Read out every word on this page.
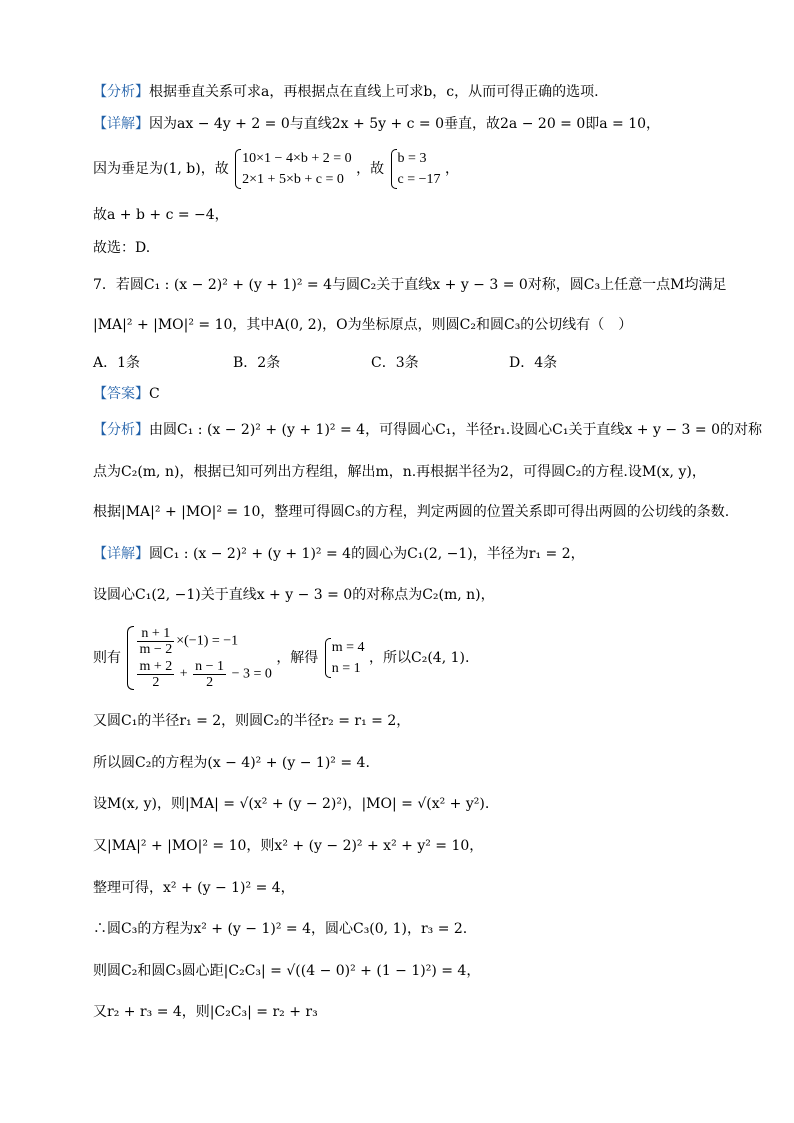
【分析】根据垂直关系可求a，再根据点在直线上可求b，c，从而可得正确的选项.
【详解】因为ax − 4y + 2 = 0与直线2x + 5y + c = 0垂直，故2a − 20 = 0即a = 10，
因为垂足为(1, b)，故
10×1 − 4×b + 2 = 0
2×1 + 5×b + c = 0
，故
b = 3
c = −17
，
故a + b + c = −4，
故选：D.
7．若圆C₁ : (x − 2)² + (y + 1)² = 4与圆C₂关于直线x + y − 3 = 0对称，圆C₃上任意一点M均满足
|MA|² + |MO|² = 10，其中A(0, 2)，O为坐标原点，则圆C₂和圆C₃的公切线有（　）
A．1条	B．2条	C．3条	D．4条
【答案】C
【分析】由圆C₁ : (x − 2)² + (y + 1)² = 4，可得圆心C₁，半径r₁.设圆心C₁关于直线x + y − 3 = 0的对称
点为C₂(m, n)，根据已知可列出方程组，解出m，n.再根据半径为2，可得圆C₂的方程.设M(x, y)，
根据|MA|² + |MO|² = 10，整理可得圆C₃的方程，判定两圆的位置关系即可得出两圆的公切线的条数.
【详解】圆C₁ : (x − 2)² + (y + 1)² = 4的圆心为C₁(2, −1)，半径为r₁ = 2，
设圆心C₁(2, −1)关于直线x + y − 3 = 0的对称点为C₂(m, n)，
则有
$\frac{n + 1}{m - 2} \times(-1) = -1$
$\frac{m + 2}{2} + \frac{n - 1}{2} - 3 = 0$
，解得
m = 4
n = 1
，所以C₂(4, 1).
又圆C₁的半径r₁ = 2，则圆C₂的半径r₂ = r₁ = 2，
所以圆C₂的方程为(x − 4)² + (y − 1)² = 4.
设M(x, y)，则|MA| = √(x² + (y − 2)²)，|MO| = √(x² + y²).
又|MA|² + |MO|² = 10，则x² + (y − 2)² + x² + y² = 10，
整理可得，x² + (y − 1)² = 4，
∴圆C₃的方程为x² + (y − 1)² = 4，圆心C₃(0, 1)，r₃ = 2.
则圆C₂和圆C₃圆心距|C₂C₃| = √((4 − 0)² + (1 − 1)²) = 4，
又r₂ + r₃ = 4，则|C₂C₃| = r₂ + r₃
